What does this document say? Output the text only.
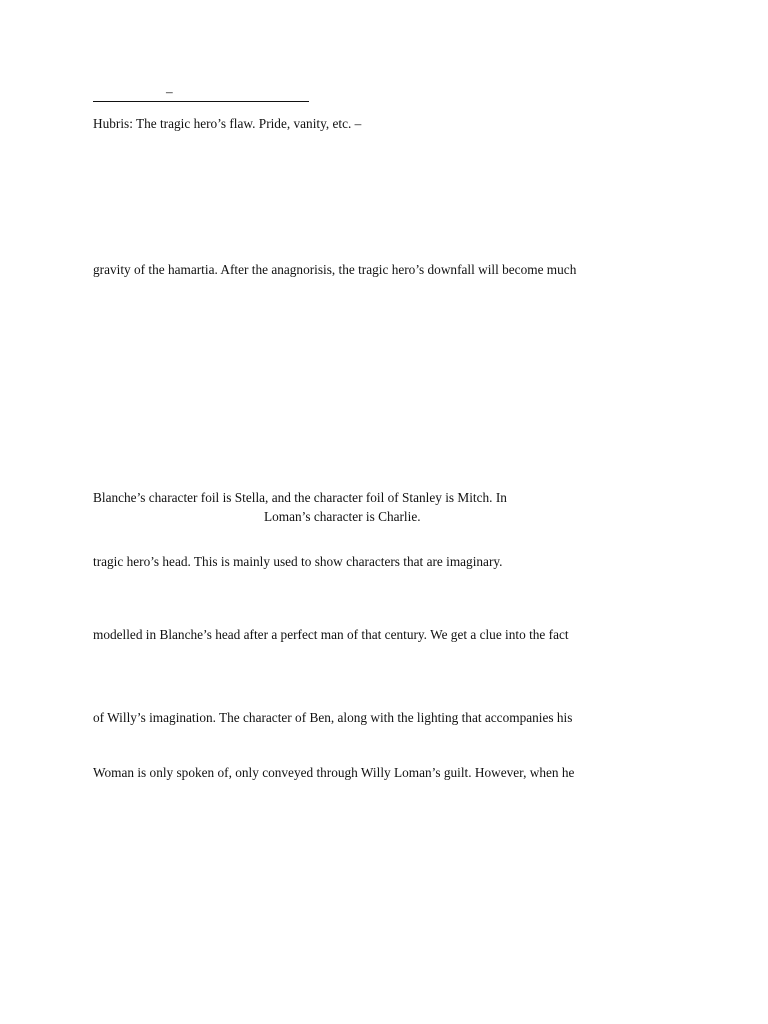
–
Hubris: The tragic hero’s flaw. Pride, vanity, etc. –
gravity of the hamartia. After the anagnorisis, the tragic hero’s downfall will become much
Blanche’s character foil is Stella, and the character foil of Stanley is Mitch. In
Loman’s character is Charlie.
tragic hero’s head. This is mainly used to show characters that are imaginary.
modelled in Blanche’s head after a perfect man of that century. We get a clue into the fact
of Willy’s imagination. The character of Ben, along with the lighting that accompanies his
Woman is only spoken of, only conveyed through Willy Loman’s guilt. However, when he
